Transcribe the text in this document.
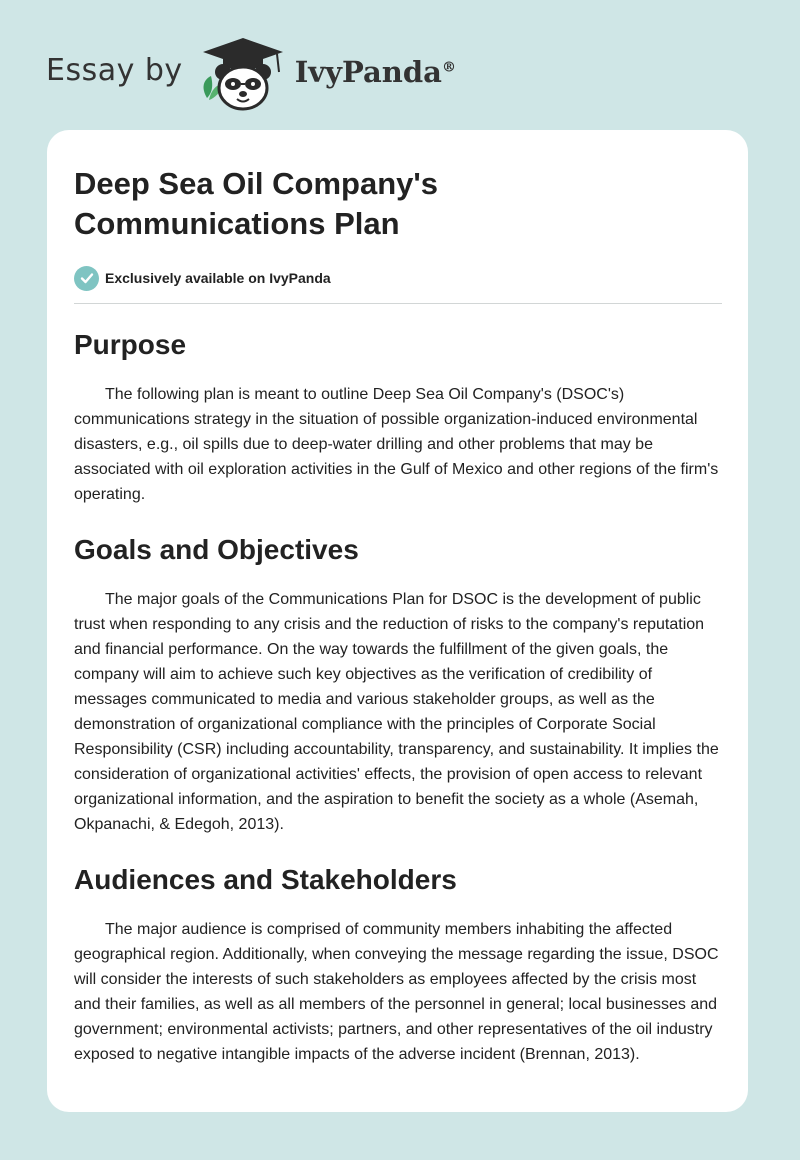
Essay by	IvyPanda®
Deep Sea Oil Company's Communications Plan
Exclusively available on IvyPanda
Purpose

The following plan is meant to outline Deep Sea Oil Company's (DSOC's) communications strategy in the situation of possible organization-induced environmental disasters, e.g., oil spills due to deep-water drilling and other problems that may be associated with oil exploration activities in the Gulf of Mexico and other regions of the firm's operating.

Goals and Objectives

The major goals of the Communications Plan for DSOC is the development of public trust when responding to any crisis and the reduction of risks to the company's reputation and financial performance. On the way towards the fulfillment of the given goals, the company will aim to achieve such key objectives as the verification of credibility of messages communicated to media and various stakeholder groups, as well as the demonstration of organizational compliance with the principles of Corporate Social Responsibility (CSR) including accountability, transparency, and sustainability. It implies the consideration of organizational activities' effects, the provision of open access to relevant organizational information, and the aspiration to benefit the society as a whole (Asemah, Okpanachi, & Edegoh, 2013).

Audiences and Stakeholders

The major audience is comprised of community members inhabiting the affected geographical region. Additionally, when conveying the message regarding the issue, DSOC will consider the interests of such stakeholders as employees affected by the crisis most and their families, as well as all members of the personnel in general; local businesses and government; environmental activists; partners, and other representatives of the oil industry exposed to negative intangible impacts of the adverse incident (Brennan, 2013).
